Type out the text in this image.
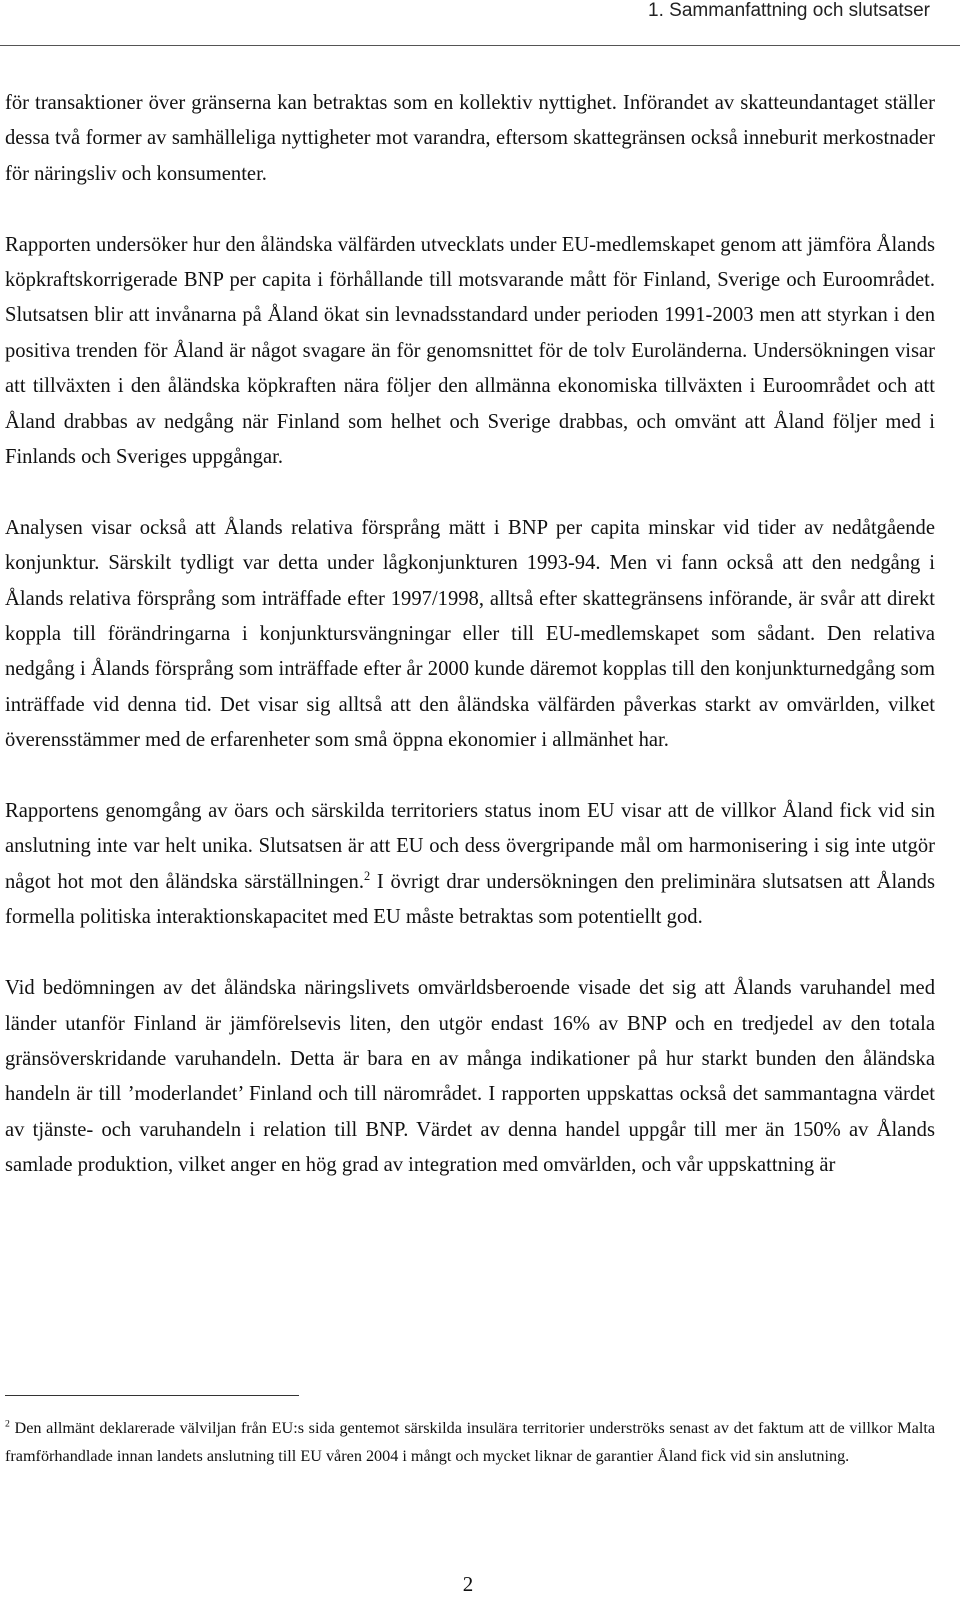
1. Sammanfattning och slutsatser

för transaktioner över gränserna kan betraktas som en kollektiv nyttighet. Införandet av skatteundantaget ställer dessa två former av samhälleliga nyttigheter mot varandra, eftersom skattegränsen också inneburit merkostnader för näringsliv och konsumenter.

Rapporten undersöker hur den åländska välfärden utvecklats under EU-medlemskapet genom att jämföra Ålands köpkraftskorrigerade BNP per capita i förhållande till motsvarande mått för Finland, Sverige och Euroområdet. Slutsatsen blir att invånarna på Åland ökat sin levnadsstandard under perioden 1991-2003 men att styrkan i den positiva trenden för Åland är något svagare än för genomsnittet för de tolv Euroländerna. Undersökningen visar att tillväxten i den åländska köpkraften nära följer den allmänna ekonomiska tillväxten i Euroområdet och att Åland drabbas av nedgång när Finland som helhet och Sverige drabbas, och omvänt att Åland följer med i Finlands och Sveriges uppgångar.

Analysen visar också att Ålands relativa försprång mätt i BNP per capita minskar vid tider av nedåtgående konjunktur. Särskilt tydligt var detta under lågkonjunkturen 1993-94. Men vi fann också att den nedgång i Ålands relativa försprång som inträffade efter 1997/1998, alltså efter skattegränsens införande, är svår att direkt koppla till förändringarna i konjunktursvängningar eller till EU-medlemskapet som sådant. Den relativa nedgång i Ålands försprång som inträffade efter år 2000 kunde däremot kopplas till den konjunkturnedgång som inträffade vid denna tid. Det visar sig alltså att den åländska välfärden påverkas starkt av omvärlden, vilket överensstämmer med de erfarenheter som små öppna ekonomier i allmänhet har.

Rapportens genomgång av öars och särskilda territoriers status inom EU visar att de villkor Åland fick vid sin anslutning inte var helt unika. Slutsatsen är att EU och dess övergripande mål om harmonisering i sig inte utgör något hot mot den åländska särställningen.$^2$ I övrigt drar undersökningen den preliminära slutsatsen att Ålands formella politiska interaktionskapacitet med EU måste betraktas som potentiellt god.

Vid bedömningen av det åländska näringslivets omvärldsberoende visade det sig att Ålands varuhandel med länder utanför Finland är jämförelsevis liten, den utgör endast 16% av BNP och en tredjedel av den totala gränsöverskridande varuhandeln. Detta är bara en av många indikationer på hur starkt bunden den åländska handeln är till ’moderlandet’ Finland och till närområdet. I rapporten uppskattas också det sammantagna värdet av tjänste- och varuhandeln i relation till BNP. Värdet av denna handel uppgår till mer än 150% av Ålands samlade produktion, vilket anger en hög grad av integration med omvärlden, och vår uppskattning är

$^2$ Den allmänt deklarerade välviljan från EU:s sida gentemot särskilda insulära territorier underströks senast av det faktum att de villkor Malta framförhandlade innan landets anslutning till EU våren 2004 i mångt och mycket liknar de garantier Åland fick vid sin anslutning.
2
